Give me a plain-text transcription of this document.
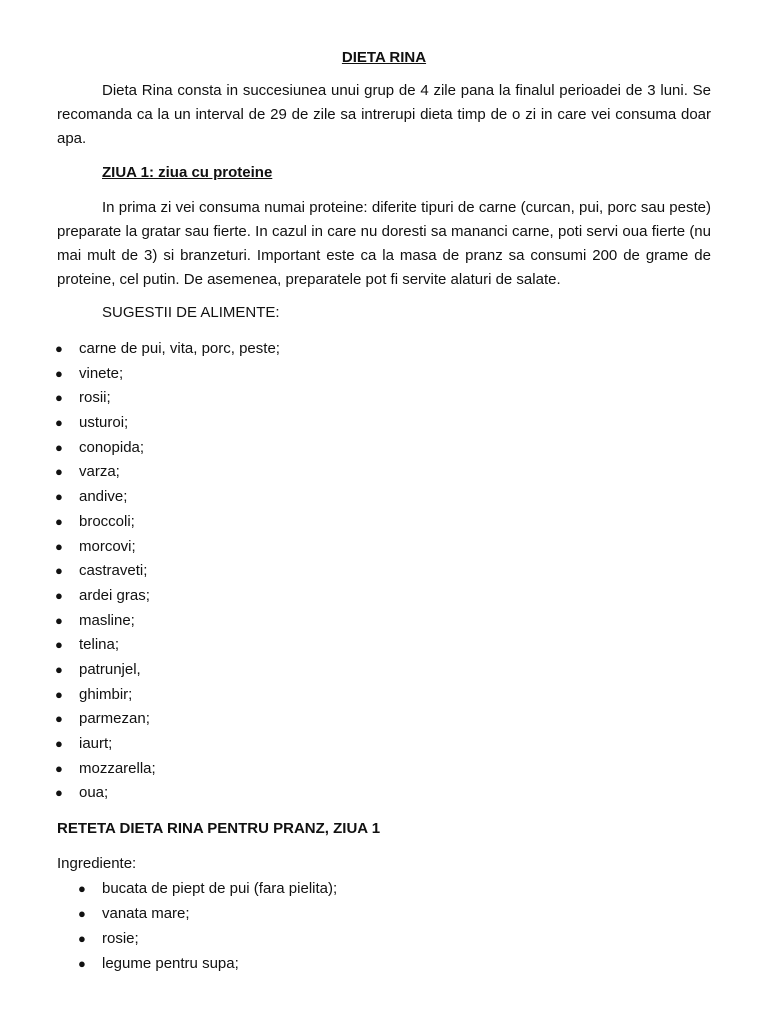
DIETA RINA
Dieta Rina consta in succesiunea unui grup de 4 zile pana la finalul perioadei de 3 luni. Se recomanda ca la un interval de 29 de zile sa intrerupi dieta timp de o zi in care vei consuma doar apa.
ZIUA 1: ziua cu proteine
In prima zi vei consuma numai proteine: diferite tipuri de carne (curcan, pui, porc sau peste) preparate la gratar sau fierte. In cazul in care nu doresti sa mananci carne, poti servi oua fierte (nu mai mult de 3) si branzeturi. Important este ca la masa de pranz sa consumi 200 de grame de proteine, cel putin. De asemenea, preparatele pot fi servite alaturi de salate.
SUGESTII DE ALIMENTE:
● carne de pui, vita, porc, peste;
● vinete;
● rosii;
● usturoi;
● conopida;
● varza;
● andive;
● broccoli;
● morcovi;
● castraveti;
● ardei gras;
● masline;
● telina;
● patrunjel,
● ghimbir;
● parmezan;
● iaurt;
● mozzarella;
● oua;
RETETA DIETA RINA PENTRU PRANZ, ZIUA 1
Ingrediente:
● bucata de piept de pui (fara pielita);
● vanata mare;
● rosie;
● legume pentru supa;
